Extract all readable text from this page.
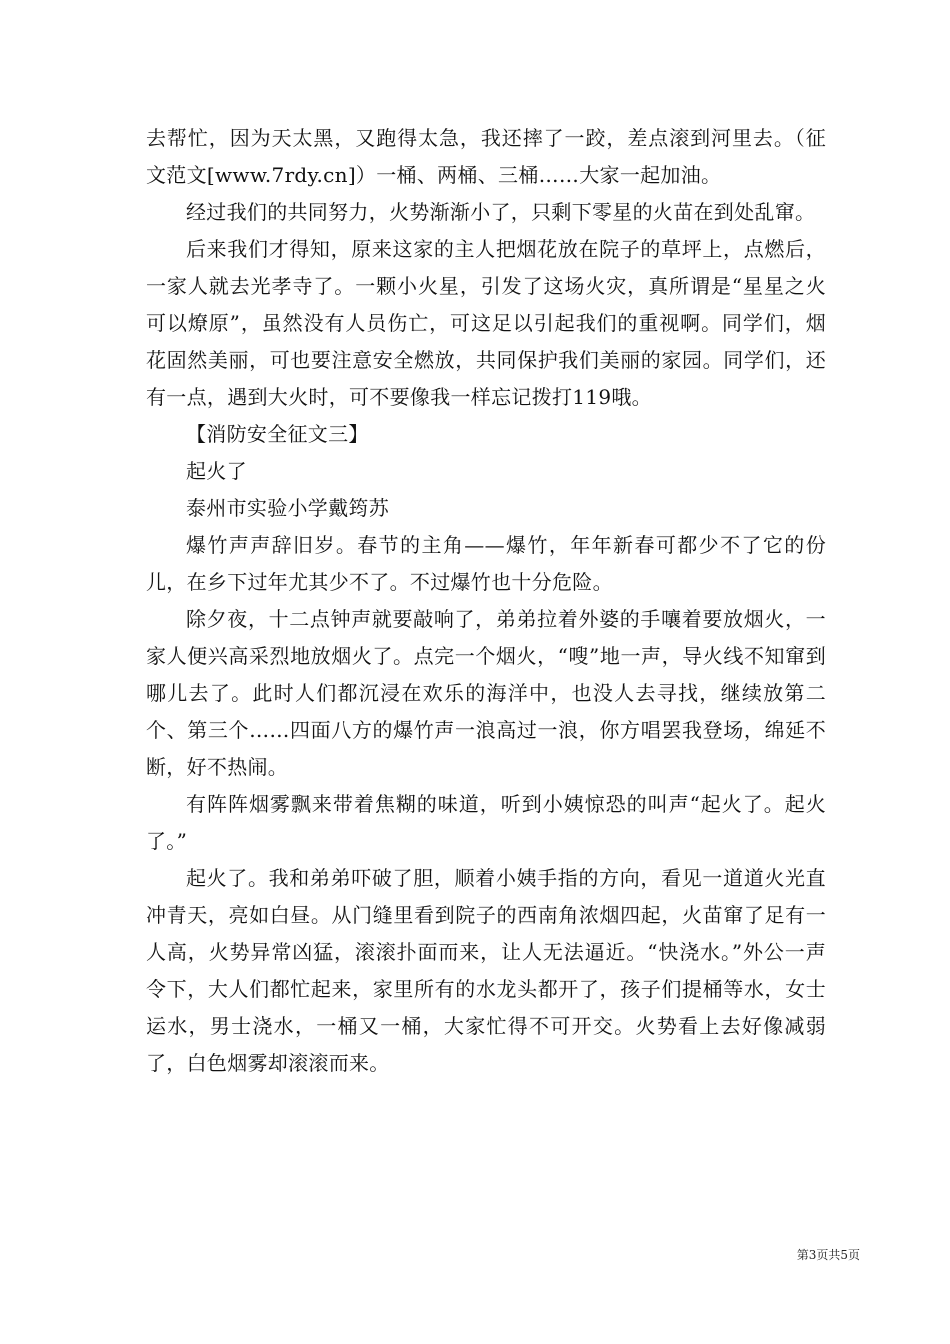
去帮忙，因为天太黑，又跑得太急，我还摔了一跤，差点滚到河里去。（征文范文[www.7rdy.cn]）一桶、两桶、三桶……大家一起加油。

经过我们的共同努力，火势渐渐小了，只剩下零星的火苗在到处乱窜。

后来我们才得知，原来这家的主人把烟花放在院子的草坪上，点燃后，一家人就去光孝寺了。一颗小火星，引发了这场火灾，真所谓是“星星之火可以燎原”，虽然没有人员伤亡，可这足以引起我们的重视啊。同学们，烟花固然美丽，可也要注意安全燃放，共同保护我们美丽的家园。同学们，还有一点，遇到大火时，可不要像我一样忘记拨打119哦。

【消防安全征文三】

起火了

泰州市实验小学戴筠苏

爆竹声声辞旧岁。春节的主角——爆竹，年年新春可都少不了它的份儿，在乡下过年尤其少不了。不过爆竹也十分危险。

除夕夜，十二点钟声就要敲响了，弟弟拉着外婆的手嚷着要放烟火，一家人便兴高采烈地放烟火了。点完一个烟火，“嗖”地一声，导火线不知窜到哪儿去了。此时人们都沉浸在欢乐的海洋中，也没人去寻找，继续放第二个、第三个……四面八方的爆竹声一浪高过一浪，你方唱罢我登场，绵延不断，好不热闹。

有阵阵烟雾飘来带着焦糊的味道，听到小姨惊恐的叫声“起火了。起火了。”

起火了。我和弟弟吓破了胆，顺着小姨手指的方向，看见一道道火光直冲青天，亮如白昼。从门缝里看到院子的西南角浓烟四起，火苗窜了足有一人高，火势异常凶猛，滚滚扑面而来，让人无法逼近。“快浇水。”外公一声令下，大人们都忙起来，家里所有的水龙头都开了，孩子们提桶等水，女士运水，男士浇水，一桶又一桶，大家忙得不可开交。火势看上去好像减弱了，白色烟雾却滚滚而来。

第3页共5页
